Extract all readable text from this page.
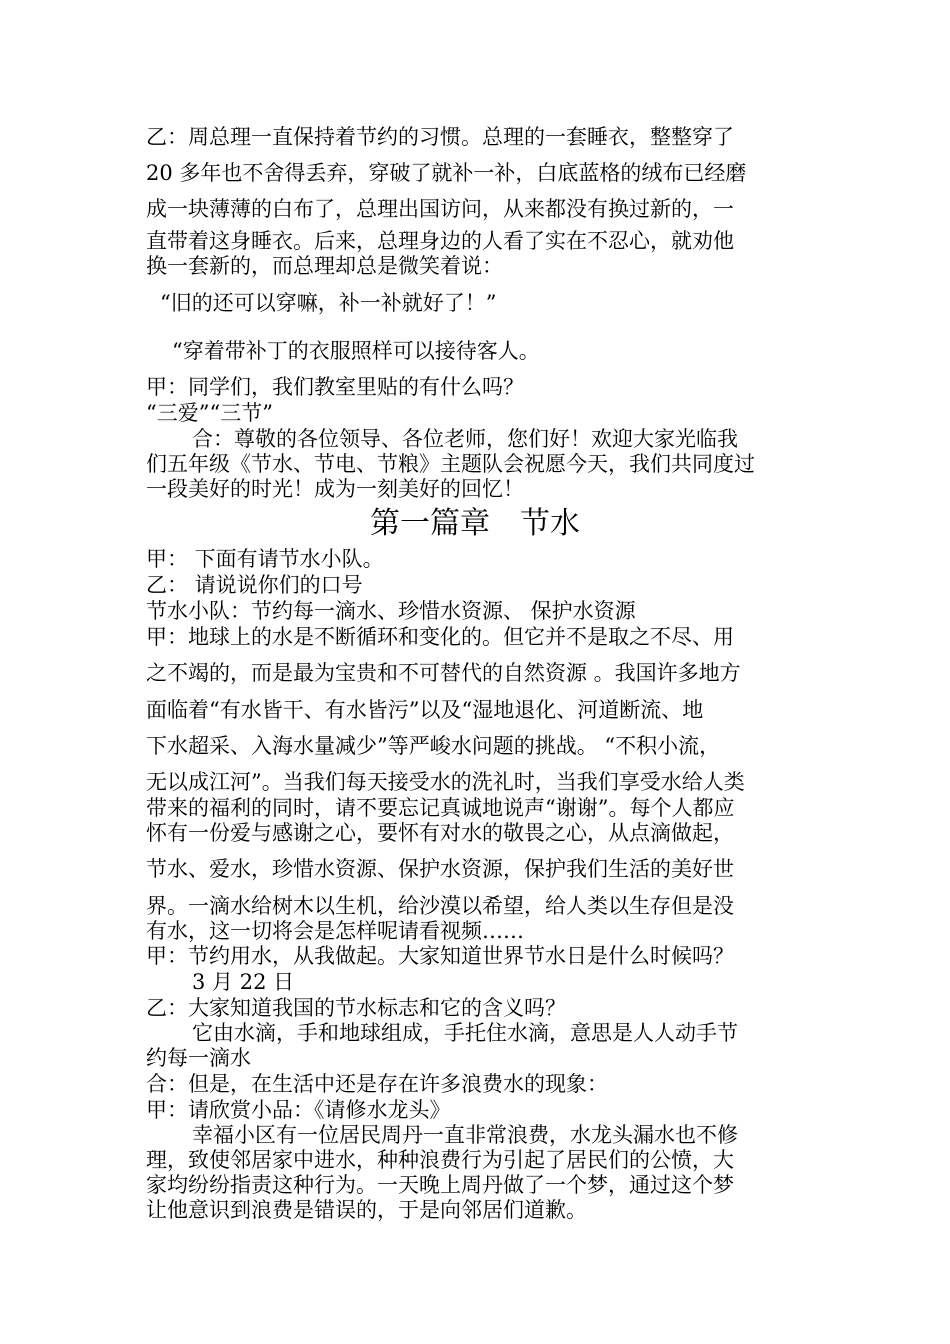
乙：周总理一直保持着节约的习惯。总理的一套睡衣，整整穿了
20 多年也不舍得丢弃，穿破了就补一补，白底蓝格的绒布已经磨
成一块薄薄的白布了，总理出国访问，从来都没有换过新的，一
直带着这身睡衣。后来，总理身边的人看了实在不忍心，就劝他
换一套新的，而总理却总是微笑着说：
“旧的还可以穿嘛，补一补就好了！”
“穿着带补丁的衣服照样可以接待客人。
甲：同学们，我们教室里贴的有什么吗？
“三爱”“三节”
合：尊敬的各位领导、各位老师，您们好！欢迎大家光临我
们五年级《节水、节电、节粮》主题队会祝愿今天，我们共同度过
一段美好的时光！成为一刻美好的回忆！
第一篇章　节水
甲： 下面有请节水小队。
乙： 请说说你们的口号
节水小队：节约每一滴水、珍惜水资源、 保护水资源
甲：地球上的水是不断循环和变化的。但它并不是取之不尽、用
之不竭的，而是最为宝贵和不可替代的自然资源 。我国许多地方
面临着“有水皆干、有水皆污”以及“湿地退化、河道断流、地
下水超采、入海水量减少”等严峻水问题的挑战。 “不积小流，
无以成江河”。当我们每天接受水的洗礼时，当我们享受水给人类
带来的福利的同时，请不要忘记真诚地说声“谢谢”。每个人都应
怀有一份爱与感谢之心，要怀有对水的敬畏之心，从点滴做起，
节水、爱水，珍惜水资源、保护水资源，保护我们生活的美好世
界。一滴水给树木以生机，给沙漠以希望，给人类以生存但是没
有水，这一切将会是怎样呢请看视频……
甲：节约用水，从我做起。大家知道世界节水日是什么时候吗？
3 月 22 日
乙：大家知道我国的节水标志和它的含义吗？
它由水滴，手和地球组成，手托住水滴，意思是人人动手节
约每一滴水
合：但是，在生活中还是存在许多浪费水的现象：
甲：请欣赏小品：《请修水龙头》
幸福小区有一位居民周丹一直非常浪费，水龙头漏水也不修
理，致使邻居家中进水，种种浪费行为引起了居民们的公愤，大
家均纷纷指责这种行为。一天晚上周丹做了一个梦，通过这个梦
让他意识到浪费是错误的，于是向邻居们道歉。
